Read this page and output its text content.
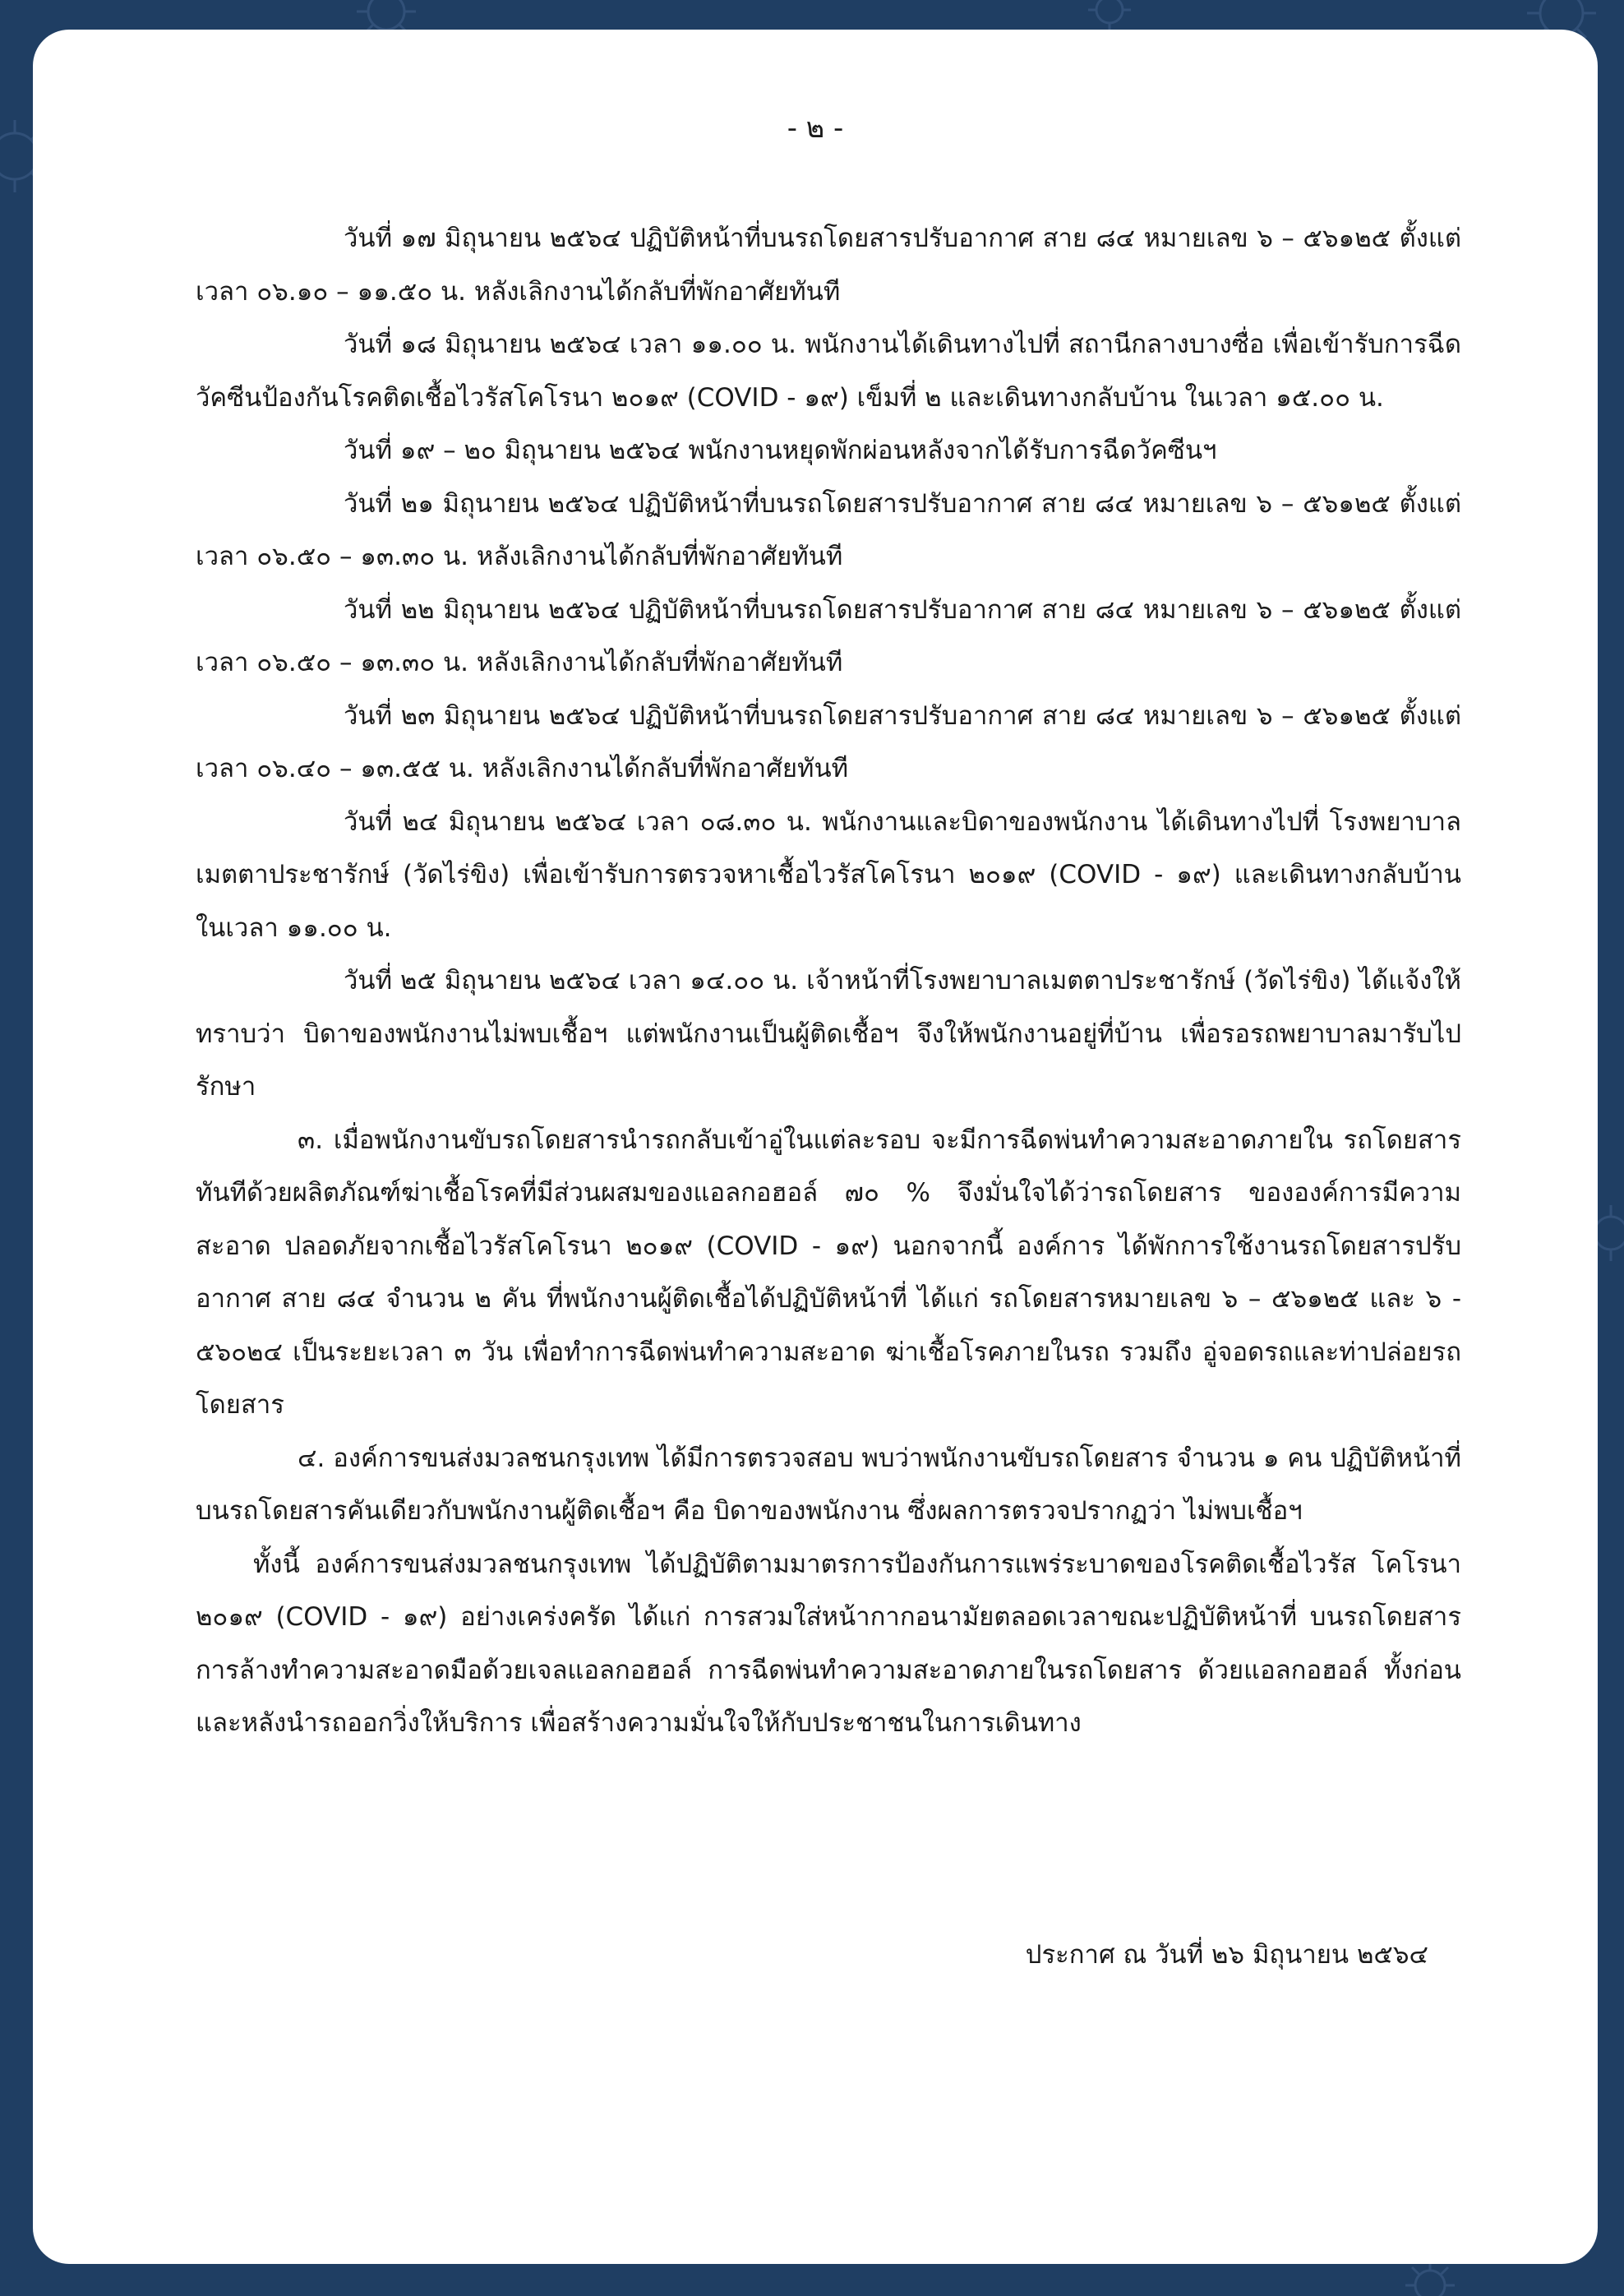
- ๒ -

วันที่ ๑๗ มิถุนายน ๒๕๖๔ ปฏิบัติหน้าที่บนรถโดยสารปรับอากาศ สาย ๘๔ หมายเลข ๖ – ๕๖๑๒๕ ตั้งแต่เวลา ๐๖.๑๐ – ๑๑.๕๐ น. หลังเลิกงานได้กลับที่พักอาศัยทันที

วันที่ ๑๘ มิถุนายน ๒๕๖๔ เวลา ๑๑.๐๐ น. พนักงานได้เดินทางไปที่ สถานีกลางบางซื่อ เพื่อเข้ารับการฉีดวัคซีนป้องกันโรคติดเชื้อไวรัสโคโรนา ๒๐๑๙ (COVID - ๑๙) เข็มที่ ๒ และเดินทางกลับบ้าน ในเวลา ๑๕.๐๐ น.

วันที่ ๑๙ – ๒๐ มิถุนายน ๒๕๖๔ พนักงานหยุดพักผ่อนหลังจากได้รับการฉีดวัคซีนฯ

วันที่ ๒๑ มิถุนายน ๒๕๖๔ ปฏิบัติหน้าที่บนรถโดยสารปรับอากาศ สาย ๘๔ หมายเลข ๖ – ๕๖๑๒๕ ตั้งแต่เวลา ๐๖.๕๐ – ๑๓.๓๐ น. หลังเลิกงานได้กลับที่พักอาศัยทันที

วันที่ ๒๒ มิถุนายน ๒๕๖๔ ปฏิบัติหน้าที่บนรถโดยสารปรับอากาศ สาย ๘๔ หมายเลข ๖ – ๕๖๑๒๕ ตั้งแต่เวลา ๐๖.๕๐ – ๑๓.๓๐ น. หลังเลิกงานได้กลับที่พักอาศัยทันที

วันที่ ๒๓ มิถุนายน ๒๕๖๔ ปฏิบัติหน้าที่บนรถโดยสารปรับอากาศ สาย ๘๔ หมายเลข ๖ – ๕๖๑๒๕ ตั้งแต่เวลา ๐๖.๔๐ – ๑๓.๕๕ น. หลังเลิกงานได้กลับที่พักอาศัยทันที

วันที่ ๒๔ มิถุนายน ๒๕๖๔ เวลา ๐๘.๓๐ น. พนักงานและบิดาของพนักงาน ได้เดินทางไปที่ โรงพยาบาลเมตตาประชารักษ์ (วัดไร่ขิง) เพื่อเข้ารับการตรวจหาเชื้อไวรัสโคโรนา ๒๐๑๙ (COVID - ๑๙) และเดินทางกลับบ้าน ในเวลา ๑๑.๐๐ น.

วันที่ ๒๕ มิถุนายน ๒๕๖๔ เวลา ๑๔.๐๐ น. เจ้าหน้าที่โรงพยาบาลเมตตาประชารักษ์ (วัดไร่ขิง) ได้แจ้งให้ทราบว่า บิดาของพนักงานไม่พบเชื้อฯ แต่พนักงานเป็นผู้ติดเชื้อฯ จึงให้พนักงานอยู่ที่บ้าน เพื่อรอรถพยาบาลมารับไปรักษา

๓. เมื่อพนักงานขับรถโดยสารนำรถกลับเข้าอู่ในแต่ละรอบ จะมีการฉีดพ่นทำความสะอาดภายใน รถโดยสารทันทีด้วยผลิตภัณฑ์ฆ่าเชื้อโรคที่มีส่วนผสมของแอลกอฮอล์ ๗๐ % จึงมั่นใจได้ว่ารถโดยสาร ขององค์การมีความสะอาด ปลอดภัยจากเชื้อไวรัสโคโรนา ๒๐๑๙ (COVID - ๑๙) นอกจากนี้ องค์การ ได้พักการใช้งานรถโดยสารปรับอากาศ สาย ๘๔ จำนวน ๒ คัน ที่พนักงานผู้ติดเชื้อได้ปฏิบัติหน้าที่ ได้แก่ รถโดยสารหมายเลข ๖ – ๕๖๑๒๕ และ ๖ - ๕๖๐๒๔ เป็นระยะเวลา ๓ วัน เพื่อทำการฉีดพ่นทำความสะอาด ฆ่าเชื้อโรคภายในรถ รวมถึง อู่จอดรถและท่าปล่อยรถโดยสาร

๔. องค์การขนส่งมวลชนกรุงเทพ ได้มีการตรวจสอบ พบว่าพนักงานขับรถโดยสาร จำนวน ๑ คน ปฏิบัติหน้าที่บนรถโดยสารคันเดียวกับพนักงานผู้ติดเชื้อฯ คือ บิดาของพนักงาน ซึ่งผลการตรวจปรากฏว่า ไม่พบเชื้อฯ

ทั้งนี้ องค์การขนส่งมวลชนกรุงเทพ ได้ปฏิบัติตามมาตรการป้องกันการแพร่ระบาดของโรคติดเชื้อไวรัส โคโรนา ๒๐๑๙ (COVID - ๑๙) อย่างเคร่งครัด ได้แก่ การสวมใส่หน้ากากอนามัยตลอดเวลาขณะปฏิบัติหน้าที่ บนรถโดยสาร การล้างทำความสะอาดมือด้วยเจลแอลกอฮอล์ การฉีดพ่นทำความสะอาดภายในรถโดยสาร ด้วยแอลกอฮอล์ ทั้งก่อนและหลังนำรถออกวิ่งให้บริการ เพื่อสร้างความมั่นใจให้กับประชาชนในการเดินทาง

ประกาศ ณ วันที่ ๒๖ มิถุนายน ๒๕๖๔
